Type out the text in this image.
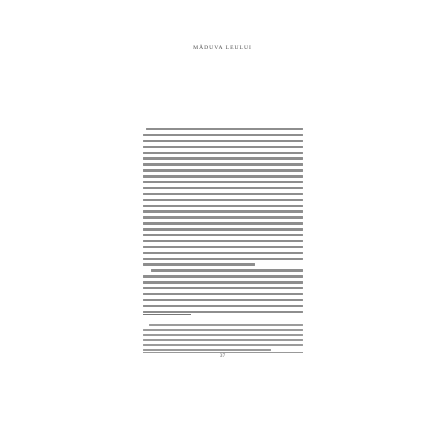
MĂDUVA LEULUI
37
